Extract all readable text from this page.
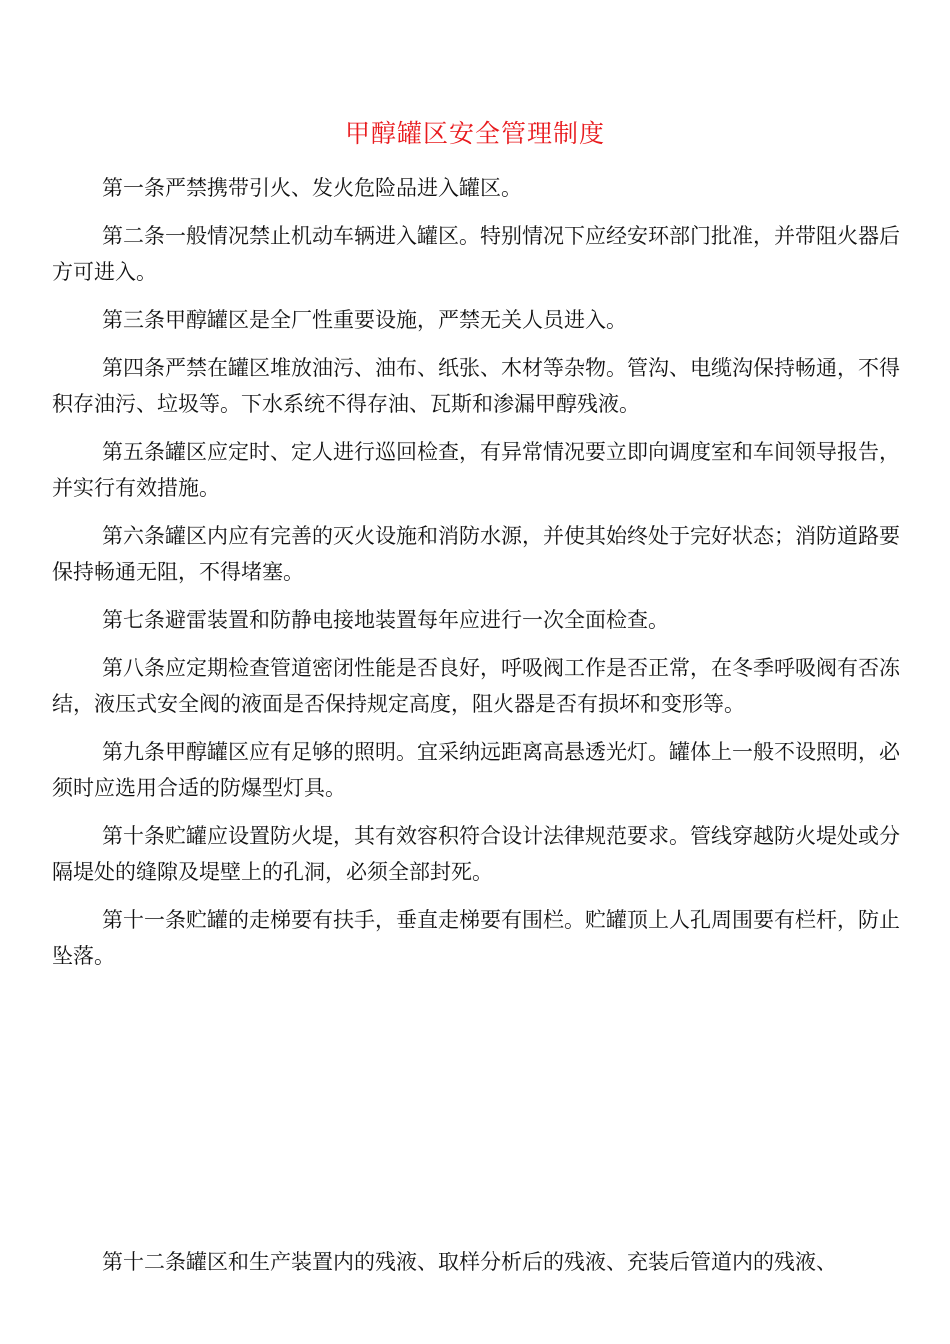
甲醇罐区安全管理制度

第一条严禁携带引火、发火危险品进入罐区。

第二条一般情况禁止机动车辆进入罐区。特别情况下应经安环部门批准，并带阻火器后方可进入。

第三条甲醇罐区是全厂性重要设施，严禁无关人员进入。

第四条严禁在罐区堆放油污、油布、纸张、木材等杂物。管沟、电缆沟保持畅通，不得积存油污、垃圾等。下水系统不得存油、瓦斯和渗漏甲醇残液。

第五条罐区应定时、定人进行巡回检查，有异常情况要立即向调度室和车间领导报告，并实行有效措施。

第六条罐区内应有完善的灭火设施和消防水源，并使其始终处于完好状态；消防道路要保持畅通无阻，不得堵塞。

第七条避雷装置和防静电接地装置每年应进行一次全面检查。

第八条应定期检查管道密闭性能是否良好，呼吸阀工作是否正常，在冬季呼吸阀有否冻结，液压式安全阀的液面是否保持规定高度，阻火器是否有损坏和变形等。

第九条甲醇罐区应有足够的照明。宜采纳远距离高悬透光灯。罐体上一般不设照明，必须时应选用合适的防爆型灯具。

第十条贮罐应设置防火堤，其有效容积符合设计法律规范要求。管线穿越防火堤处或分隔堤处的缝隙及堤壁上的孔洞，必须全部封死。

第十一条贮罐的走梯要有扶手，垂直走梯要有围栏。贮罐顶上人孔周围要有栏杆，防止坠落。

第十二条罐区和生产装置内的残液、取样分析后的残液、充装后管道内的残液、
